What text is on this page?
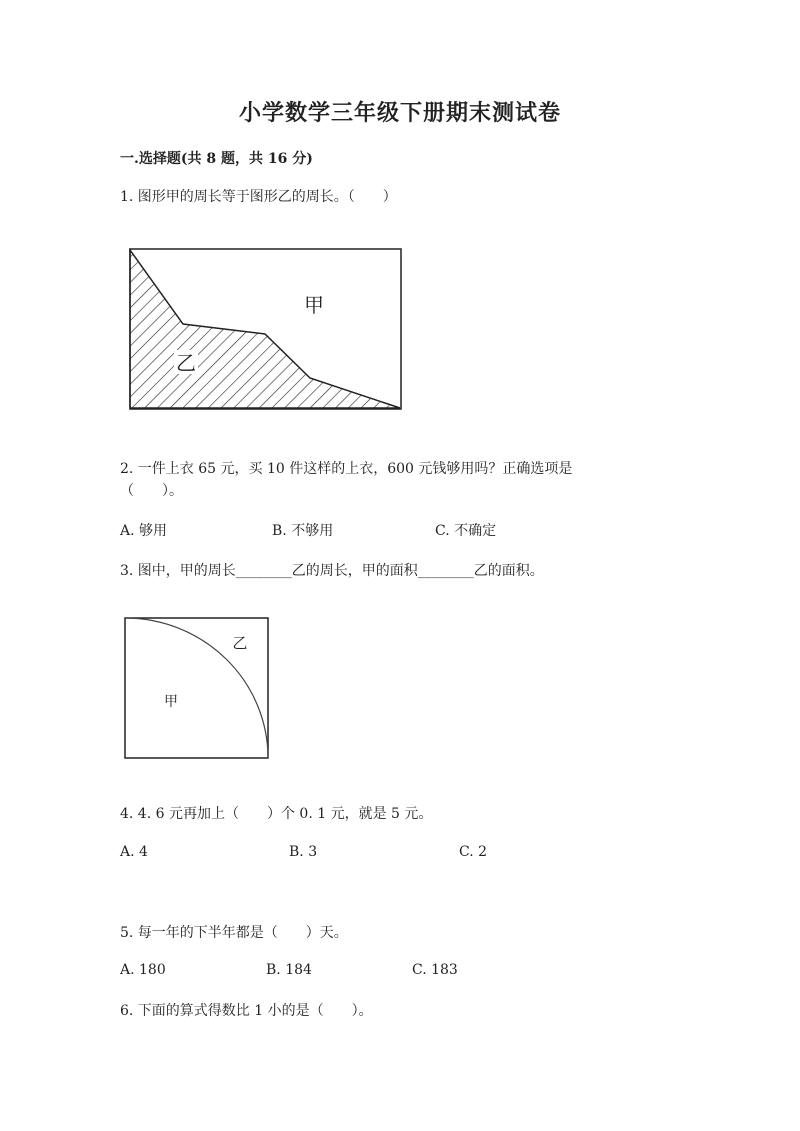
小学数学三年级下册期末测试卷
一.选择题(共 8 题，共 16 分)
1. 图形甲的周长等于图形乙的周长。（　　）
乙
甲
2. 一件上衣 65 元，买 10 件这样的上衣，600 元钱够用吗？正确选项是
（　　）。
A. 够用	B. 不够用	C. 不确定
3. 图中，甲的周长________乙的周长，甲的面积________乙的面积。
乙
甲
4. 4. 6 元再加上（　　）个 0. 1 元，就是 5 元。
A. 4	B. 3	C. 2
5. 每一年的下半年都是（　　）天。
A. 180	B. 184	C. 183
6. 下面的算式得数比 1 小的是（　　）。
